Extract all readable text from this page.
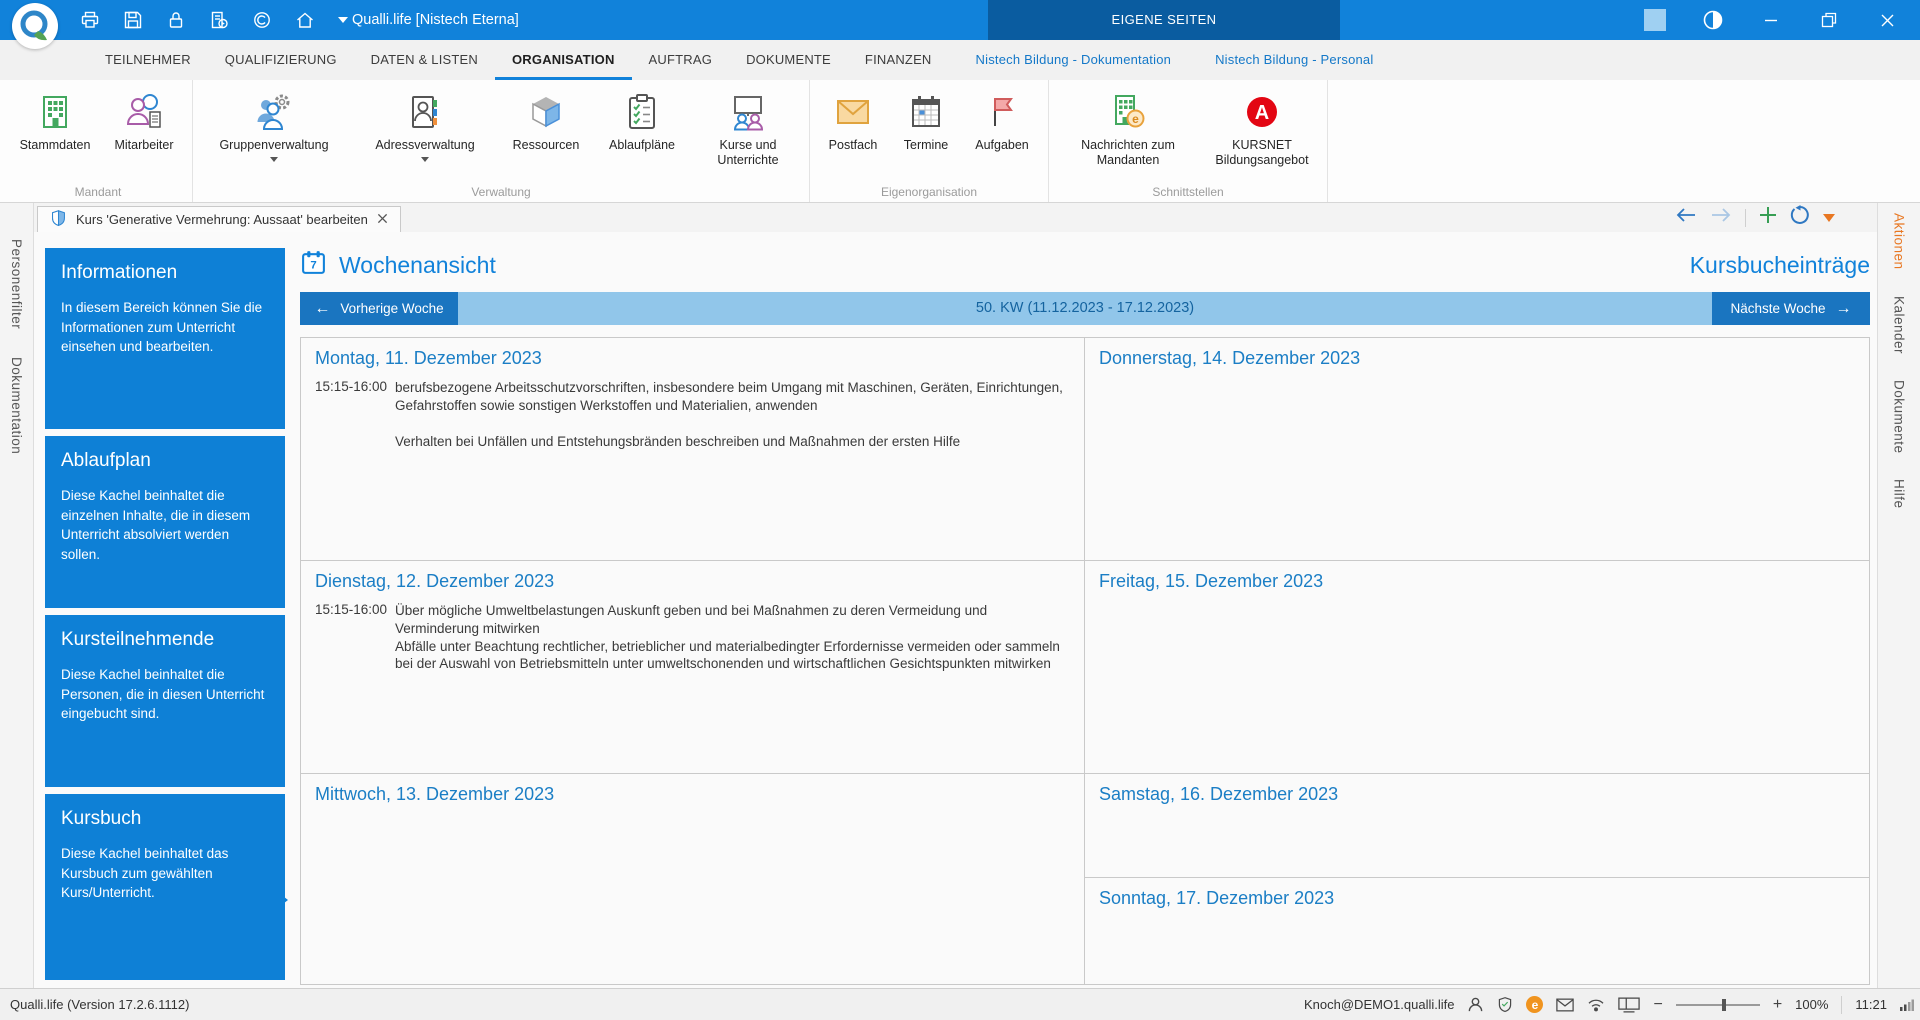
Qualli.life [Nistech Eterna]	EIGENE SEITEN
TEILNEHMER	QUALIFIZIERUNG	DATEN & LISTEN	ORGANISATION	AUFTRAG	DOKUMENTE	FINANZEN	Nistech Bildung - Dokumentation	Nistech Bildung - Personal
Stammdaten Mitarbeiter
Mandant
Gruppenverwaltung	Adressverwaltung	Ressourcen Ablaufpläne	Kurse und Unterrichte
Verwaltung
Postfach Termine Aufgaben
Eigenorganisation
e
Nachrichten zum Mandanten
A
KURSNET Bildungsangebot
Schnittstellen
Kurs 'Generative Vermehrung: Aussaat' bearbeiten
Personenfilter
Dokumentation
Aktionen
Kalender
Dokumente
Hilfe
Informationen

In diesem Bereich können Sie die Informationen zum Unterricht einsehen und bearbeiten.

Ablaufplan

Diese Kachel beinhaltet die einzelnen Inhalte, die in diesem Unterricht absolviert werden sollen.

Kursteilnehmende

Diese Kachel beinhaltet die Personen, die in diesen Unterricht eingebucht sind.

Kursbuch

Diese Kachel beinhaltet das Kursbuch zum gewählten Kurs/Unterricht.

7 Wochenansicht	Kursbucheinträge
← Vorherige Woche	50. KW (11.12.2023 - 17.12.2023)	Nächste Woche →
Montag, 11. Dezember 2023
15:15-16:00 berufsbezogene Arbeitsschutzvorschriften, insbesondere beim Umgang mit Maschinen, Geräten, Einrichtungen, Gefahrstoffen sowie sonstigen Werkstoffen und Materialien, anwenden

Verhalten bei Unfällen und Entstehungsbränden beschreiben und Maßnahmen der ersten Hilfe

Dienstag, 12. Dezember 2023
15:15-16:00 Über mögliche Umweltbelastungen Auskunft geben und bei Maßnahmen zu deren Vermeidung und Verminderung mitwirken

Abfälle unter Beachtung rechtlicher, betrieblicher und materialbedingter Erfordernisse vermeiden oder sammeln

bei der Auswahl von Betriebsmitteln unter umweltschonenden und wirtschaftlichen Gesichtspunkten mitwirken

Mittwoch, 13. Dezember 2023
Donnerstag, 14. Dezember 2023
Freitag, 15. Dezember 2023
Samstag, 16. Dezember 2023
Sonntag, 17. Dezember 2023
Qualli.life (Version 17.2.6.1112)	Knoch@DEMO1.qualli.life	e	−	+ 100% 11:21
